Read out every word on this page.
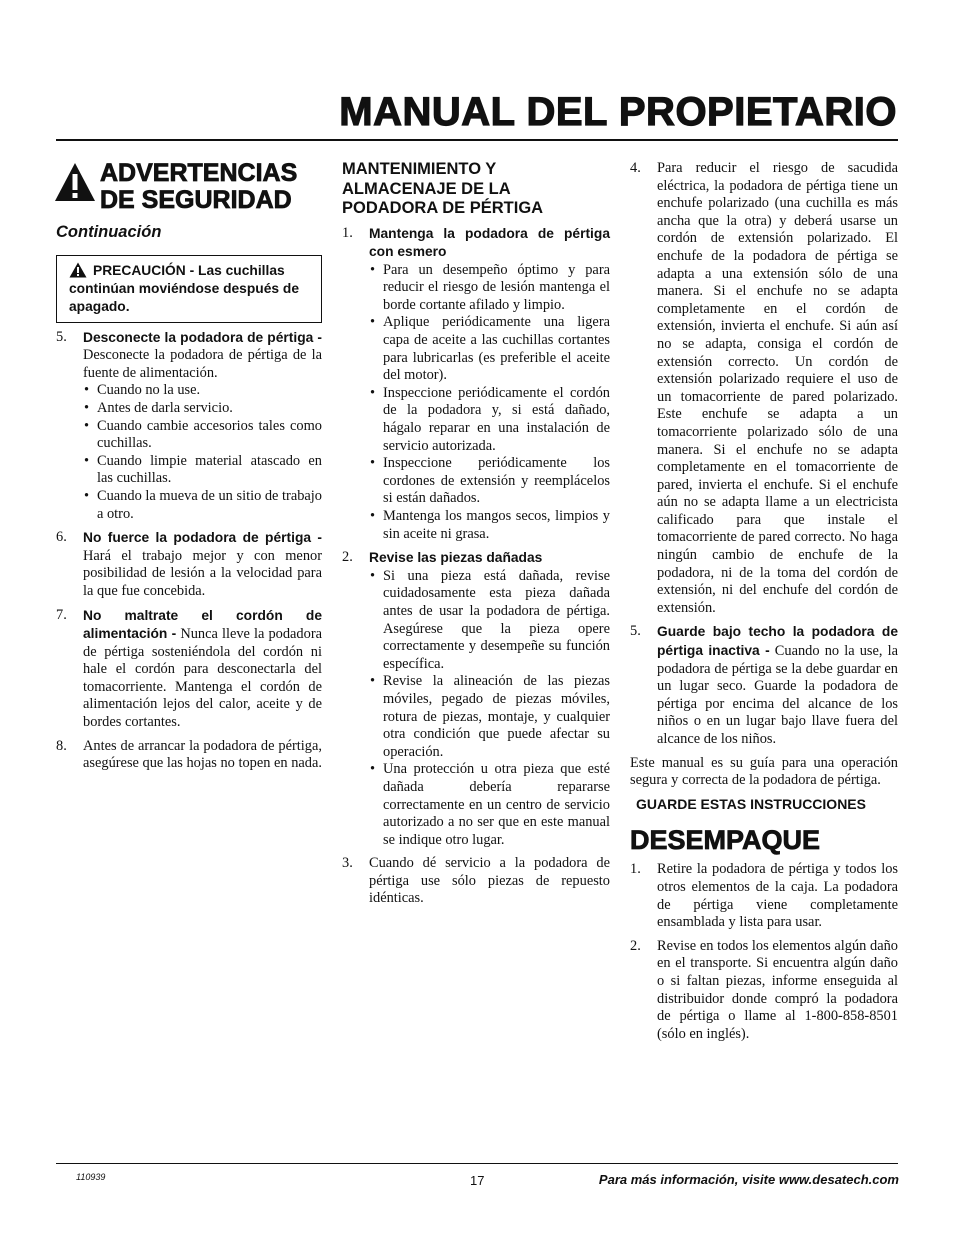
MANUAL DEL PROPIETARIO
ADVERTENCIAS
DE SEGURIDAD
Continuación
PRECAUCIÓN - Las cuchillas continúan moviéndose después de apagado.
5. Desconecte la podadora de pértiga - Desconecte la podadora de pértiga de la fuente de alimentación.
• Cuando no la use.
• Antes de darla servicio.
• Cuando cambie accesorios tales como cuchillas.
• Cuando limpie material atascado en las cuchillas.
• Cuando la mueva de un sitio de trabajo a otro.
6. No fuerce la podadora de pértiga - Hará el trabajo mejor y con menor posibilidad de lesión a la velocidad para la que fue concebida.
7. No maltrate el cordón de alimentación - Nunca lleve la podadora de pértiga sosteniéndola del cordón ni hale el cordón para desconectarla del tomacorriente. Mantenga el cordón de alimentación lejos del calor, aceite y de bordes cortantes.
8. Antes de arrancar la podadora de pértiga, asegúrese que las hojas no topen en nada.
MANTENIMIENTO Y ALMACENAJE DE LA PODADORA DE PÉRTIGA
1. Mantenga la podadora de pértiga con esmero
• Para un desempeño óptimo y para reducir el riesgo de lesión mantenga el borde cortante afilado y limpio.
• Aplique periódicamente una ligera capa de aceite a las cuchillas cortantes para lubricarlas (es preferible el aceite del motor).
• Inspeccione periódicamente el cordón de la podadora y, si está dañado, hágalo reparar en una instalación de servicio autorizada.
• Inspeccione periódicamente los cordones de extensión y reemplácelos si están dañados.
• Mantenga los mangos secos, limpios y sin aceite ni grasa.
2. Revise las piezas dañadas
• Si una pieza está dañada, revise cuidadosamente esta pieza dañada antes de usar la podadora de pértiga. Asegúrese que la pieza opere correctamente y desempeñe su función específica.
• Revise la alineación de las piezas móviles, pegado de piezas móviles, rotura de piezas, montaje, y cualquier otra condición que puede afectar su operación.
• Una protección u otra pieza que esté dañada debería repararse correctamente en un centro de servicio autorizado a no ser que en este manual se indique otro lugar.
3. Cuando dé servicio a la podadora de pértiga use sólo piezas de repuesto idénticas.
4. Para reducir el riesgo de sacudida eléctrica, la podadora de pértiga tiene un enchufe polarizado (una cuchilla es más ancha que la otra) y deberá usarse un cordón de extensión polarizado. El enchufe de la podadora de pértiga se adapta a una extensión sólo de una manera. Si el enchufe no se adapta completamente en el cordón de extensión, invierta el enchufe. Si aún así no se adapta, consiga el cordón de extensión correcto. Un cordón de extensión polarizado requiere el uso de un tomacorriente de pared polarizado. Este enchufe se adapta a un tomacorriente polarizado sólo de una manera. Si el enchufe no se adapta completamente en el tomacorriente de pared, invierta el enchufe. Si el enchufe aún no se adapta llame a un electricista calificado para que instale el tomacorriente de pared correcto. No haga ningún cambio de enchufe de la podadora, ni de la toma del cordón de extensión, ni del enchufe del cordón de extensión.
5. Guarde bajo techo la podadora de pértiga inactiva - Cuando no la use, la podadora de pértiga se la debe guardar en un lugar seco. Guarde la podadora de pértiga por encima del alcance de los niños o en un lugar bajo llave fuera del alcance de los niños.
Este manual es su guía para una operación segura y correcta de la podadora de pértiga.
GUARDE ESTAS INSTRUCCIONES
DESEMPAQUE
1. Retire la podadora de pértiga y todos los otros elementos de la caja. La podadora de pértiga viene completamente ensamblada y lista para usar.
2. Revise en todos los elementos algún daño en el transporte. Si encuentra algún daño o si faltan piezas, informe enseguida al distribuidor donde compró la podadora de pértiga o llame al 1-800-858-8501 (sólo en inglés).
110939	17	Para más información, visite www.desatech.com
